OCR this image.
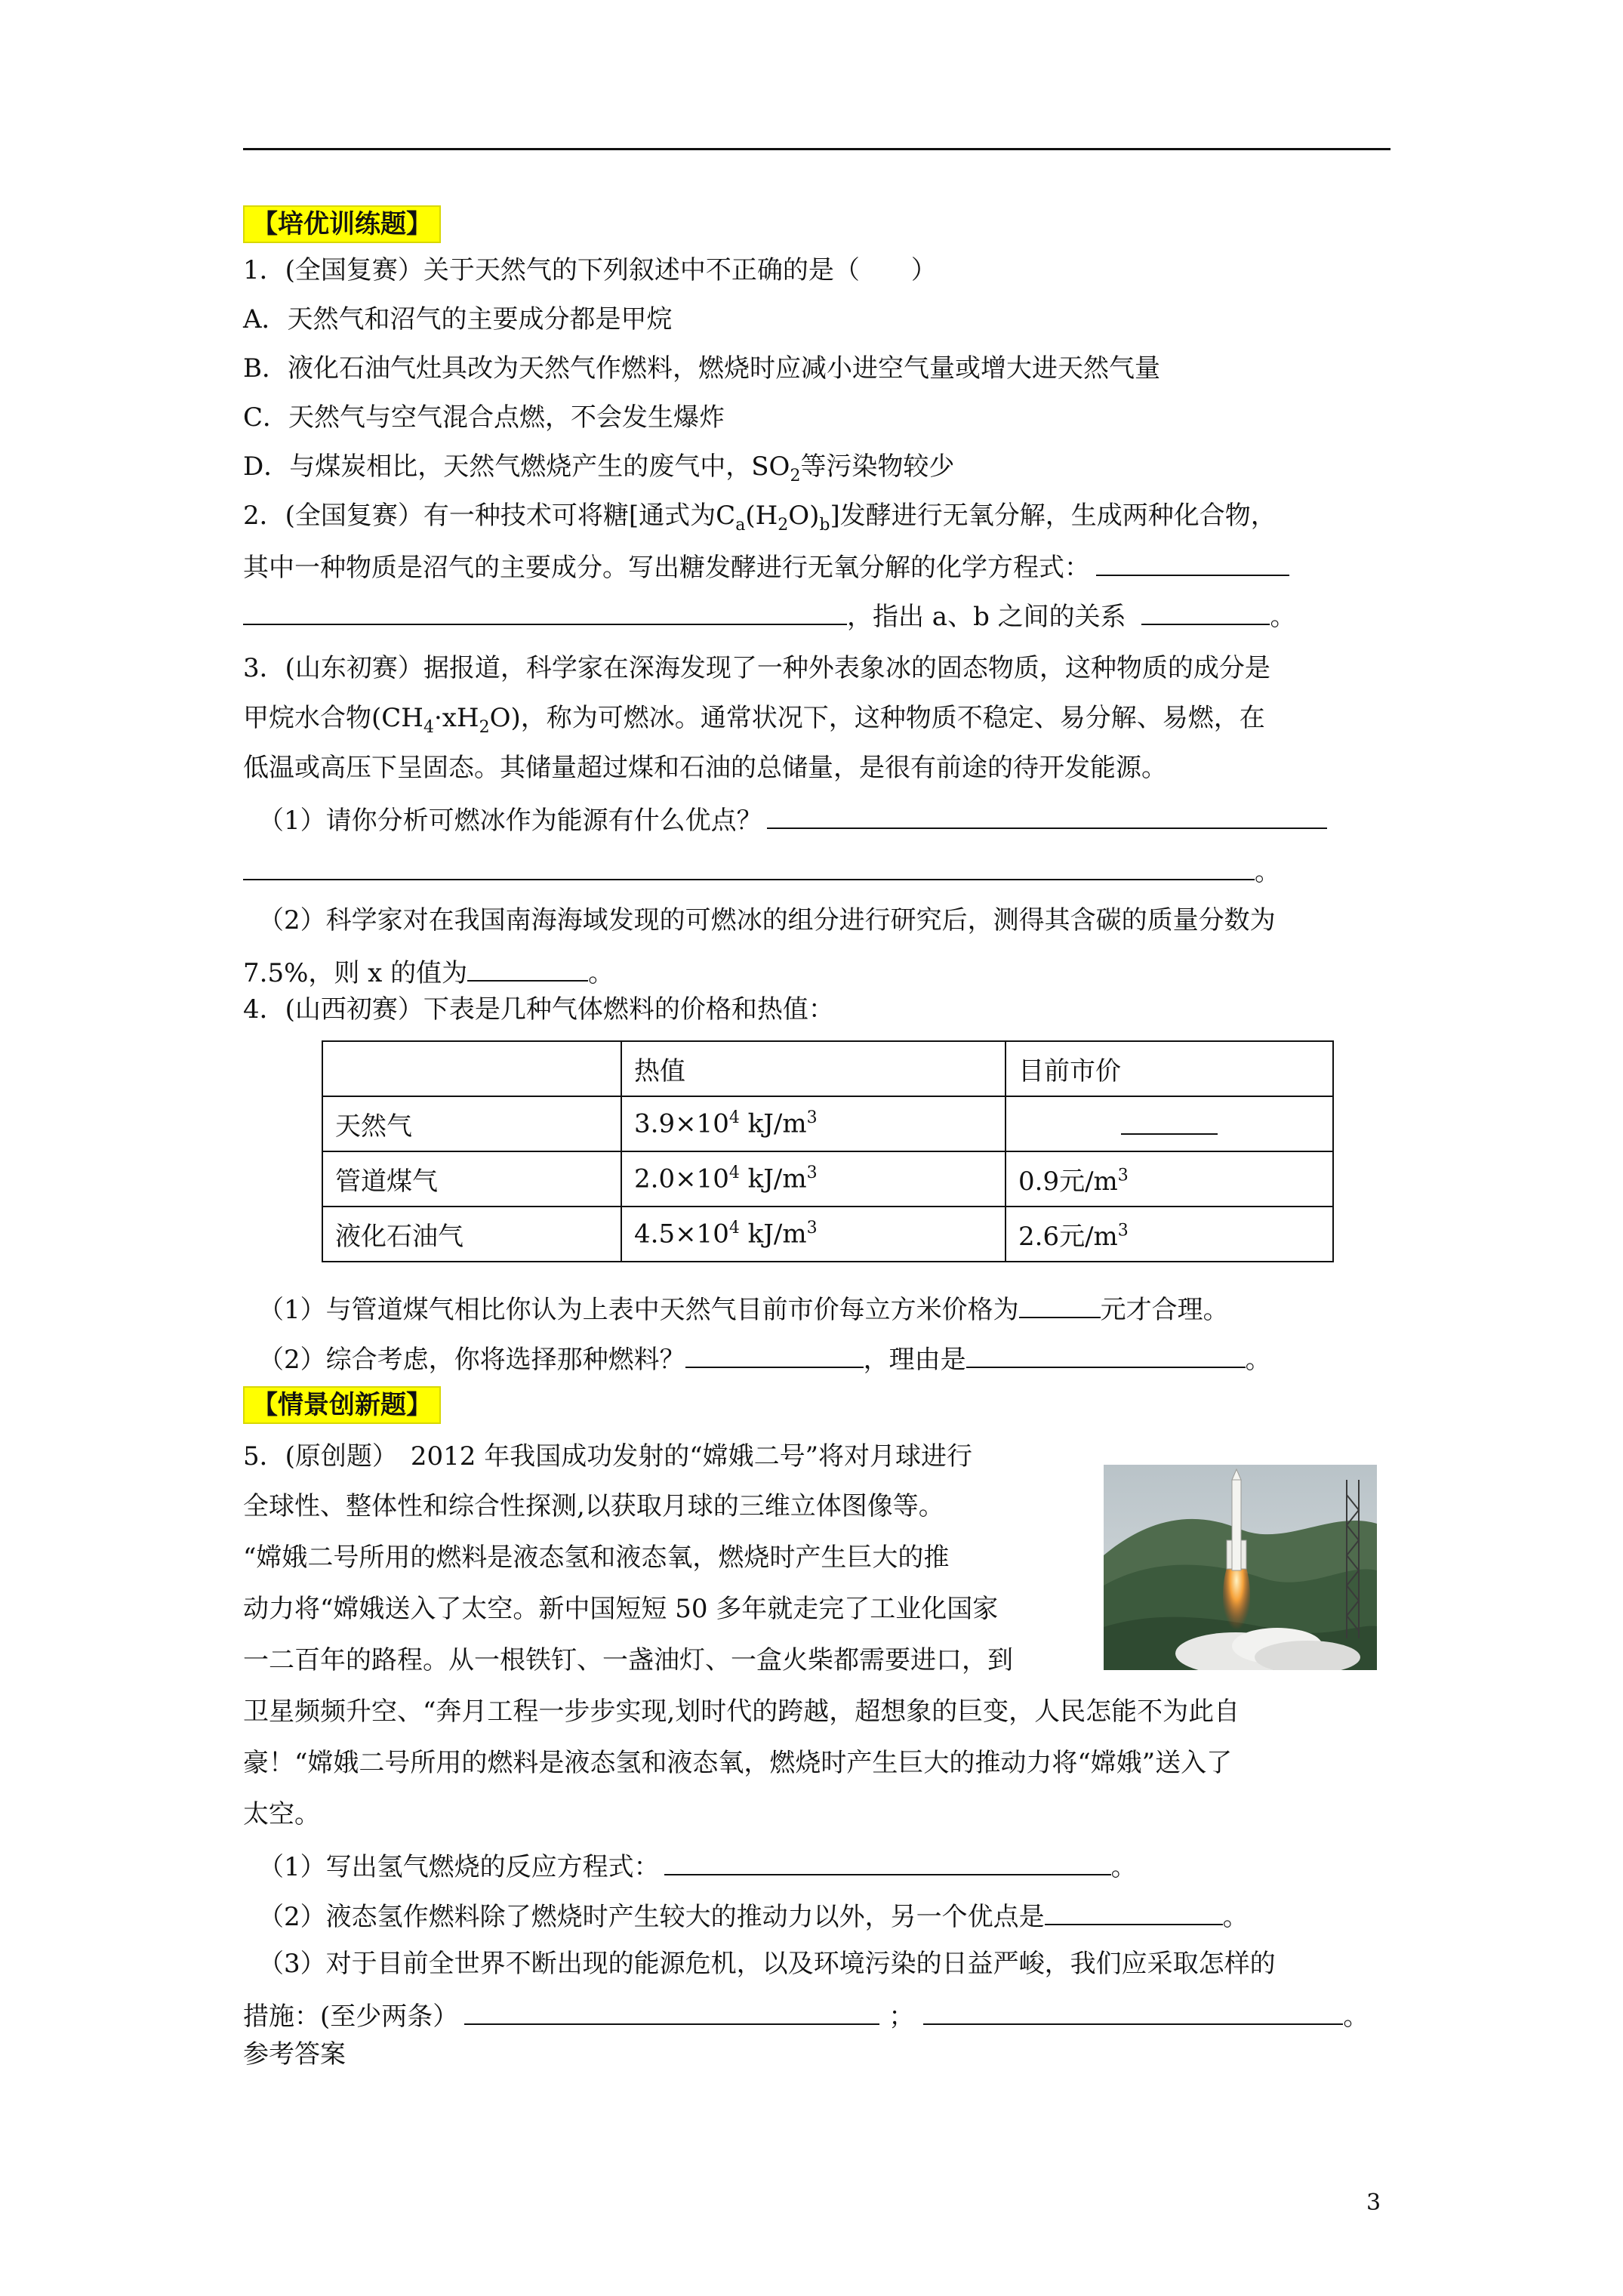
【培优训练题】
1．(全国复赛）关于天然气的下列叙述中不正确的是（　　）
A．天然气和沼气的主要成分都是甲烷
B．液化石油气灶具改为天然气作燃料，燃烧时应减小进空气量或增大进天然气量
C．天然气与空气混合点燃，不会发生爆炸
D．与煤炭相比，天然气燃烧产生的废气中，$SO_2$等污染物较少
2．(全国复赛）有一种技术可将糖[通式为$C_a(H_2O)_b$]发酵进行无氧分解，生成两种化合物，
其中一种物质是沼气的主要成分。写出糖发酵进行无氧分解的化学方程式：
，指出 a、b 之间的关系	。
3．(山东初赛）据报道，科学家在深海发现了一种外表象冰的固态物质，这种物质的成分是
甲烷水合物$(CH_4\cdot xH_2O)$，称为可燃冰。通常状况下，这种物质不稳定、易分解、易燃，在
低温或高压下呈固态。其储量超过煤和石油的总储量，是很有前途的待开发能源。
（1）请你分析可燃冰作为能源有什么优点？
。
（2）科学家对在我国南海海域发现的可燃冰的组分进行研究后，测得其含碳的质量分数为
7.5%，则 x 的值为	。
4．(山西初赛）下表是几种气体燃料的价格和热值：
	热值	目前市价
天然气	$3.9\times 10^4$ $kJ/m^3$	
管道煤气	$2.0\times 10^4$ $kJ/m^3$	0.9元$/m^3$
液化石油气	$4.5\times 10^4$ $kJ/m^3$	2.6元$/m^3$
（1）与管道煤气相比你认为上表中天然气目前市价每立方米价格为	元才合理。
（2）综合考虑，你将选择那种燃料？	，理由是	。
【情景创新题】
5．(原创题）　2012 年我国成功发射的“嫦娥二号”将对月球进行
全球性、整体性和综合性探测,以获取月球的三维立体图像等。
“嫦娥二号所用的燃料是液态氢和液态氧，燃烧时产生巨大的推
动力将“嫦娥送入了太空。新中国短短 50 多年就走完了工业化国家
一二百年的路程。从一根铁钉、一盏油灯、一盒火柴都需要进口，到
卫星频频升空、“奔月工程一步步实现,划时代的跨越，超想象的巨变，人民怎能不为此自
豪！“嫦娥二号所用的燃料是液态氢和液态氧，燃烧时产生巨大的推动力将“嫦娥”送入了
太空。
（1）写出氢气燃烧的反应方程式：	。
（2）液态氢作燃料除了燃烧时产生较大的推动力以外，另一个优点是	。
（3）对于目前全世界不断出现的能源危机，以及环境污染的日益严峻，我们应采取怎样的
措施：(至少两条）	；	。
参考答案
3
